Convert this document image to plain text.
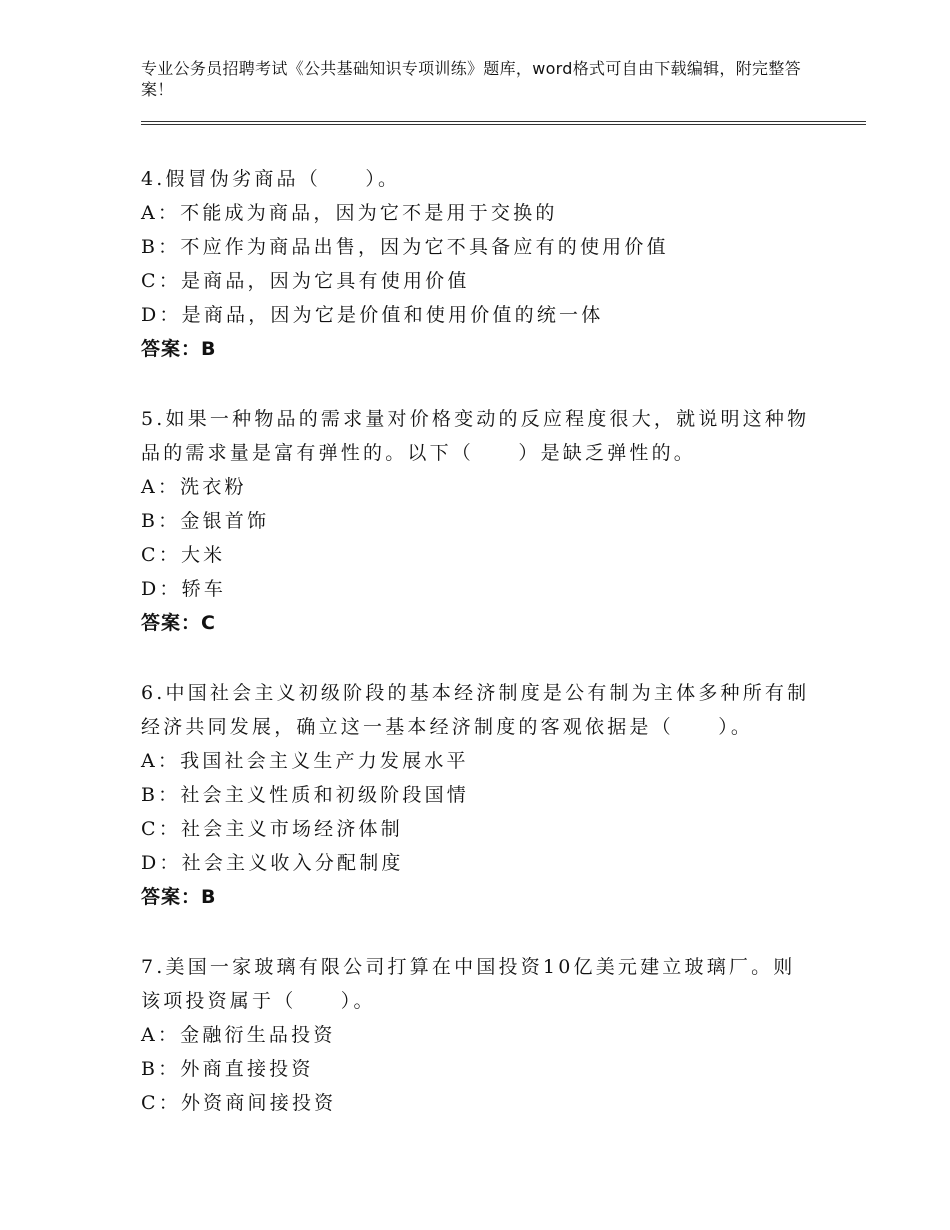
专业公务员招聘考试《公共基础知识专项训练》题库，word格式可自由下载编辑，附完整答案！
4.假冒伪劣商品（　　）。
A：不能成为商品，因为它不是用于交换的
B：不应作为商品出售，因为它不具备应有的使用价值
C：是商品，因为它具有使用价值
D：是商品，因为它是价值和使用价值的统一体
答案：B
5.如果一种物品的需求量对价格变动的反应程度很大，就说明这种物品的需求量是富有弹性的。以下（　　）是缺乏弹性的。
A：洗衣粉
B：金银首饰
C：大米
D：轿车
答案：C
6.中国社会主义初级阶段的基本经济制度是公有制为主体多种所有制经济共同发展，确立这一基本经济制度的客观依据是（　　）。
A：我国社会主义生产力发展水平
B：社会主义性质和初级阶段国情
C：社会主义市场经济体制
D：社会主义收入分配制度
答案：B
7.美国一家玻璃有限公司打算在中国投资10亿美元建立玻璃厂。则该项投资属于（　　）。
A：金融衍生品投资
B：外商直接投资
C：外资商间接投资
